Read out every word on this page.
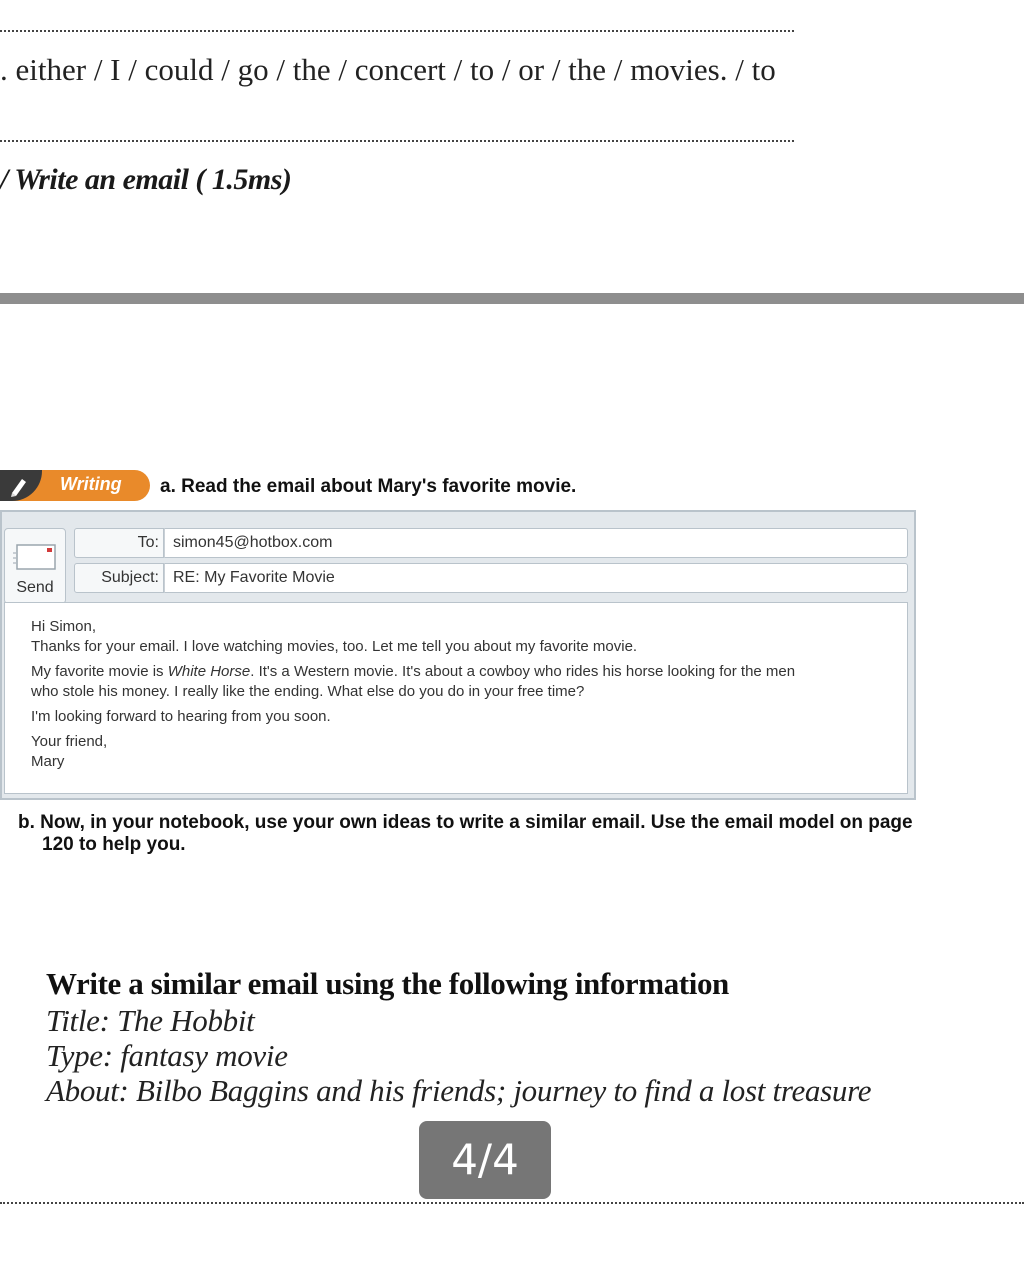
. either / I / could / go / the / concert / to / or / the / movies. / to
/ Write an email ( 1.5ms)
Writing a. Read the email about Mary's favorite movie.
Send
To: simon45@hotbox.com
Subject: RE: My Favorite Movie

Hi Simon,

Thanks for your email. I love watching movies, too. Let me tell you about my favorite movie.

My favorite movie is White Horse. It's a Western movie. It's about a cowboy who rides his horse looking for the men

who stole his money. I really like the ending. What else do you do in your free time?

I'm looking forward to hearing from you soon.

Your friend,

Mary

b. Now, in your notebook, use your own ideas to write a similar email. Use the email model on page
120 to help you.
Write a similar email using the following information
Title: The Hobbit
Type: fantasy movie
About: Bilbo Baggins and his friends; journey to find a lost treasure
4/4
